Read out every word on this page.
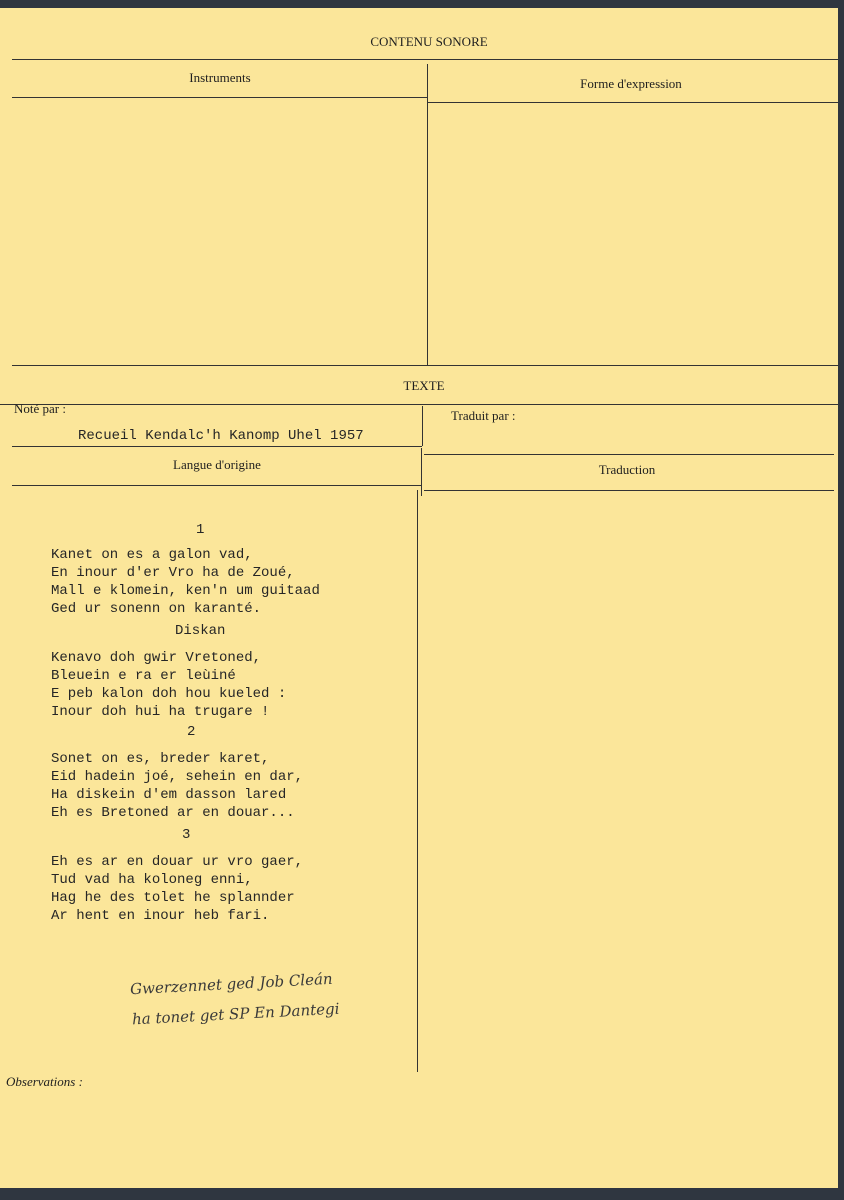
CONTENU SONORE
Instruments	Forme d'expression
TEXTE
Noté par :
Recueil Kendalc'h Kanomp Uhel 1957
Traduit par :
Langue d'origine	Traduction
1
Kanet on es a galon vad,
En inour d'er Vro ha de Zoué,
Mall e klomein, ken'n um guitaad
Ged ur sonenn on karanté.
Diskan
Kenavo doh gwir Vretoned,
Bleuein e ra er leùiné
E peb kalon doh hou kueled :
Inour doh hui ha trugare !
2
Sonet on es, breder karet,
Eid hadein joé, sehein en dar,
Ha diskein d'em dasson lared
Eh es Bretoned ar en douar...
3
Eh es ar en douar ur vro gaer,
Tud vad ha koloneg enni,
Hag he des tolet he splannder
Ar hent en inour heb fari.
Gwerzennet ged Job Cleán
ha tonet get SP En Dantegi
Observations :
